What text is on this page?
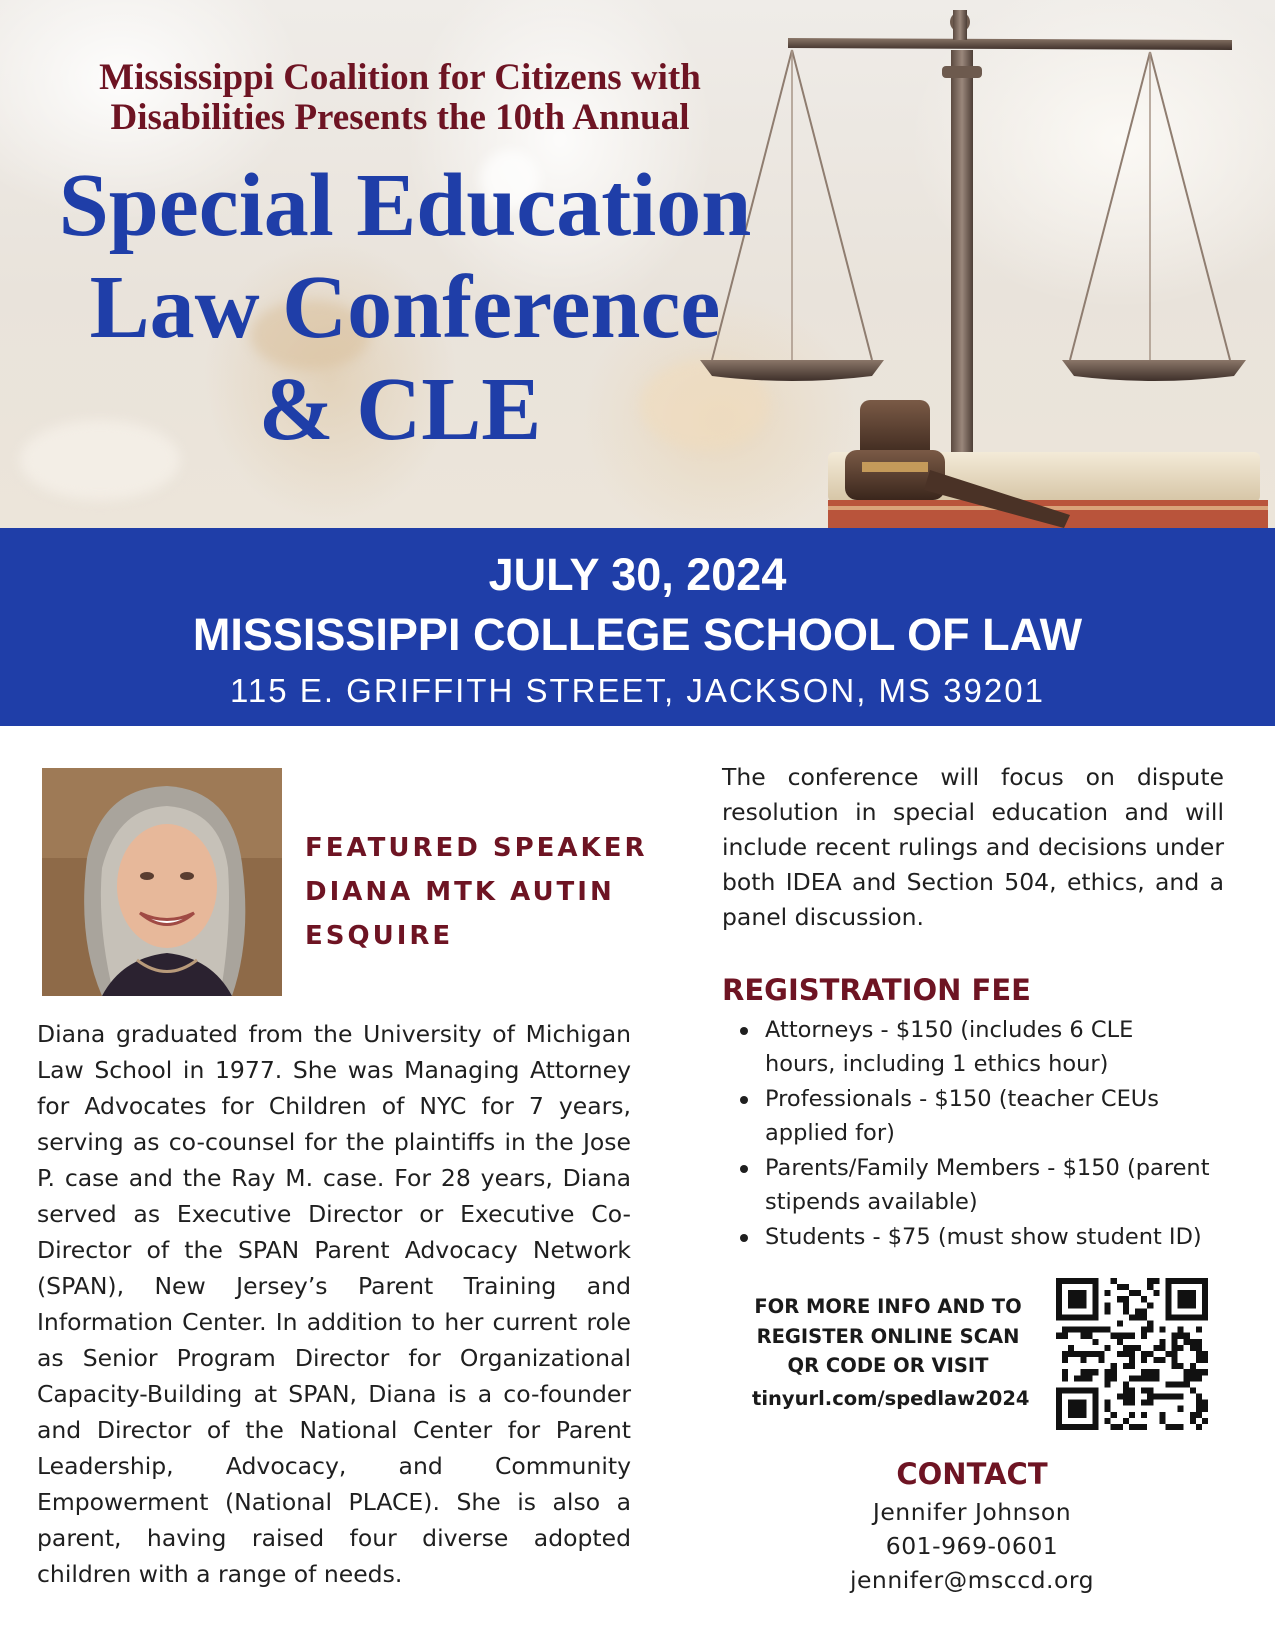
Mississippi Coalition for Citizens with
Disabilities Presents the 10th Annual
Special Education
Law Conference
& CLE
JULY 30, 2024
MISSISSIPPI COLLEGE SCHOOL OF LAW
115 E. GRIFFITH STREET, JACKSON, MS 39201
FEATURED SPEAKER
DIANA MTK AUTIN
ESQUIRE
Diana graduated from the University of Michigan Law School in 1977. She was Managing Attorney for Advocates for Children of NYC for 7 years, serving as co-counsel for the plaintiffs in the Jose P. case and the Ray M. case. For 28 years, Diana served as Executive Director or Executive Co-Director of the SPAN Parent Advocacy Network (SPAN), New Jersey’s Parent Training and Information Center. In addition to her current role as Senior Program Director for Organizational Capacity-Building at SPAN, Diana is a co-founder and Director of the National Center for Parent Leadership, Advocacy, and Community Empowerment (National PLACE). She is also a parent, having raised four diverse adopted children with a range of needs.
The conference will focus on dispute resolution in special education and will include recent rulings and decisions under both IDEA and Section 504, ethics, and a panel discussion.
REGISTRATION FEE
Attorneys - $150 (includes 6 CLE hours, including 1 ethics hour)
Professionals - $150 (teacher CEUs applied for)
Parents/Family Members - $150 (parent stipends available)
Students - $75 (must show student ID)
FOR MORE INFO AND TO
REGISTER ONLINE SCAN
QR CODE OR VISIT
tinyurl.com/spedlaw2024
CONTACT
Jennifer Johnson
601-969-0601
jennifer@msccd.org
